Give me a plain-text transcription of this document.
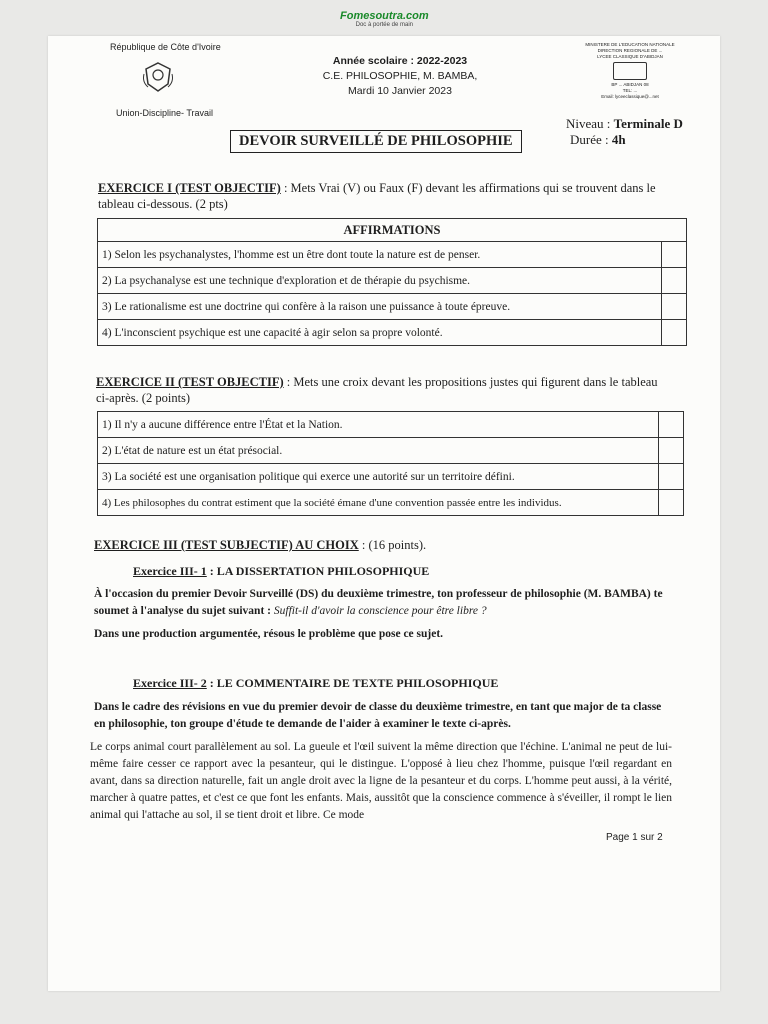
Fomesoutra.com
Doc à portée de main
République de Côte d'Ivoire
Union-Discipline- Travail
Année scolaire : 2022-2023
C.E. PHILOSOPHIE, M. BAMBA,
Mardi 10 Janvier 2023
MINISTERE DE L'EDUCATION NATIONALE
DIRECTION REGIONALE DE ...
LYCEE CLASSIQUE D'ABIDJAN
BP ... ABIDJAN 08
TEL: ...
Email: lyceeclassique@...net
DEVOIR SURVEILLÉ DE PHILOSOPHIE
Niveau : Terminale D
Durée : 4h
EXERCICE I (TEST OBJECTIF) : Mets Vrai (V) ou Faux (F) devant les affirmations qui se trouvent dans le tableau ci-dessous. (2 pts)
AFFIRMATIONS	
1) Selon les psychanalystes, l'homme est un être dont toute la nature est de penser.	
2) La psychanalyse est une technique d'exploration et de thérapie du psychisme.	
3) Le rationalisme est une doctrine qui confère à la raison une puissance à toute épreuve.	
4) L'inconscient psychique est une capacité à agir selon sa propre volonté.	
EXERCICE II (TEST OBJECTIF) : Mets une croix devant les propositions justes qui figurent dans le tableau ci-après. (2 points)
1) Il n'y a aucune différence entre l'État et la Nation.	
2) L'état de nature est un état présocial.	
3) La société est une organisation politique qui exerce une autorité sur un territoire défini.	
4) Les philosophes du contrat estiment que la société émane d'une convention passée entre les individus.	
EXERCICE III (TEST SUBJECTIF) AU CHOIX : (16 points).
Exercice III- 1 : LA DISSERTATION PHILOSOPHIQUE
À l'occasion du premier Devoir Surveillé (DS) du deuxième trimestre, ton professeur de philosophie (M. BAMBA) te soumet à l'analyse du sujet suivant : Suffit-il d'avoir la conscience pour être libre ?
Dans une production argumentée, résous le problème que pose ce sujet.
Exercice III- 2 : LE COMMENTAIRE DE TEXTE PHILOSOPHIQUE
Dans le cadre des révisions en vue du premier devoir de classe du deuxième trimestre, en tant que major de ta classe en philosophie, ton groupe d'étude te demande de l'aider à examiner le texte ci-après.
Le corps animal court parallèlement au sol. La gueule et l'œil suivent la même direction que l'échine. L'animal ne peut de lui-même faire cesser ce rapport avec la pesanteur, qui le distingue. L'opposé à lieu chez l'homme, puisque l'œil regardant en avant, dans sa direction naturelle, fait un angle droit avec la ligne de la pesanteur et du corps. L'homme peut aussi, à la vérité, marcher à quatre pattes, et c'est ce que font les enfants. Mais, aussitôt que la conscience commence à s'éveiller, il rompt le lien animal qui l'attache au sol, il se tient droit et libre. Ce mode
Page 1 sur 2
